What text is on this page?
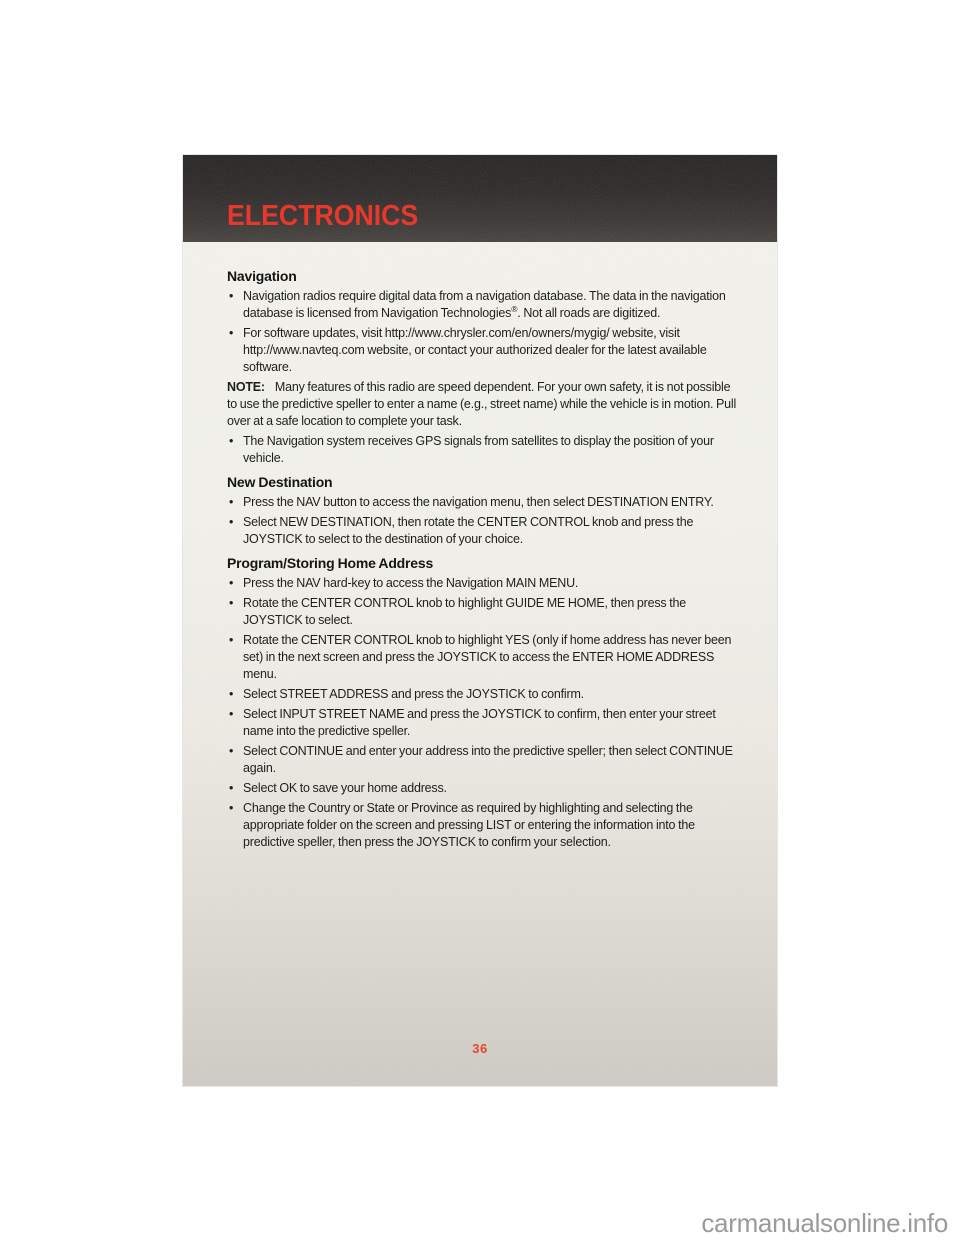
ELECTRONICS
Navigation
• Navigation radios require digital data from a navigation database. The data in the navigation database is licensed from Navigation Technologies®. Not all roads are digitized.
• For software updates, visit http://www.chrysler.com/en/owners/mygig/ website, visit http://www.navteq.com website, or contact your authorized dealer for the latest available software.

NOTE: Many features of this radio are speed dependent. For your own safety, it is not possible to use the predictive speller to enter a name (e.g., street name) while the vehicle is in motion. Pull over at a safe location to complete your task.

• The Navigation system receives GPS signals from satellites to display the position of your vehicle.
New Destination
• Press the NAV button to access the navigation menu, then select DESTINATION ENTRY.
• Select NEW DESTINATION, then rotate the CENTER CONTROL knob and press the JOYSTICK to select to the destination of your choice.
Program/Storing Home Address
• Press the NAV hard-key to access the Navigation MAIN MENU.
• Rotate the CENTER CONTROL knob to highlight GUIDE ME HOME, then press the JOYSTICK to select.
• Rotate the CENTER CONTROL knob to highlight YES (only if home address has never been set) in the next screen and press the JOYSTICK to access the ENTER HOME ADDRESS menu.
• Select STREET ADDRESS and press the JOYSTICK to confirm.
• Select INPUT STREET NAME and press the JOYSTICK to confirm, then enter your street name into the predictive speller.
• Select CONTINUE and enter your address into the predictive speller; then select CONTINUE again.
• Select OK to save your home address.
• Change the Country or State or Province as required by highlighting and selecting the appropriate folder on the screen and pressing LIST or entering the information into the predictive speller, then press the JOYSTICK to confirm your selection.
36
carmanualsonline.info
